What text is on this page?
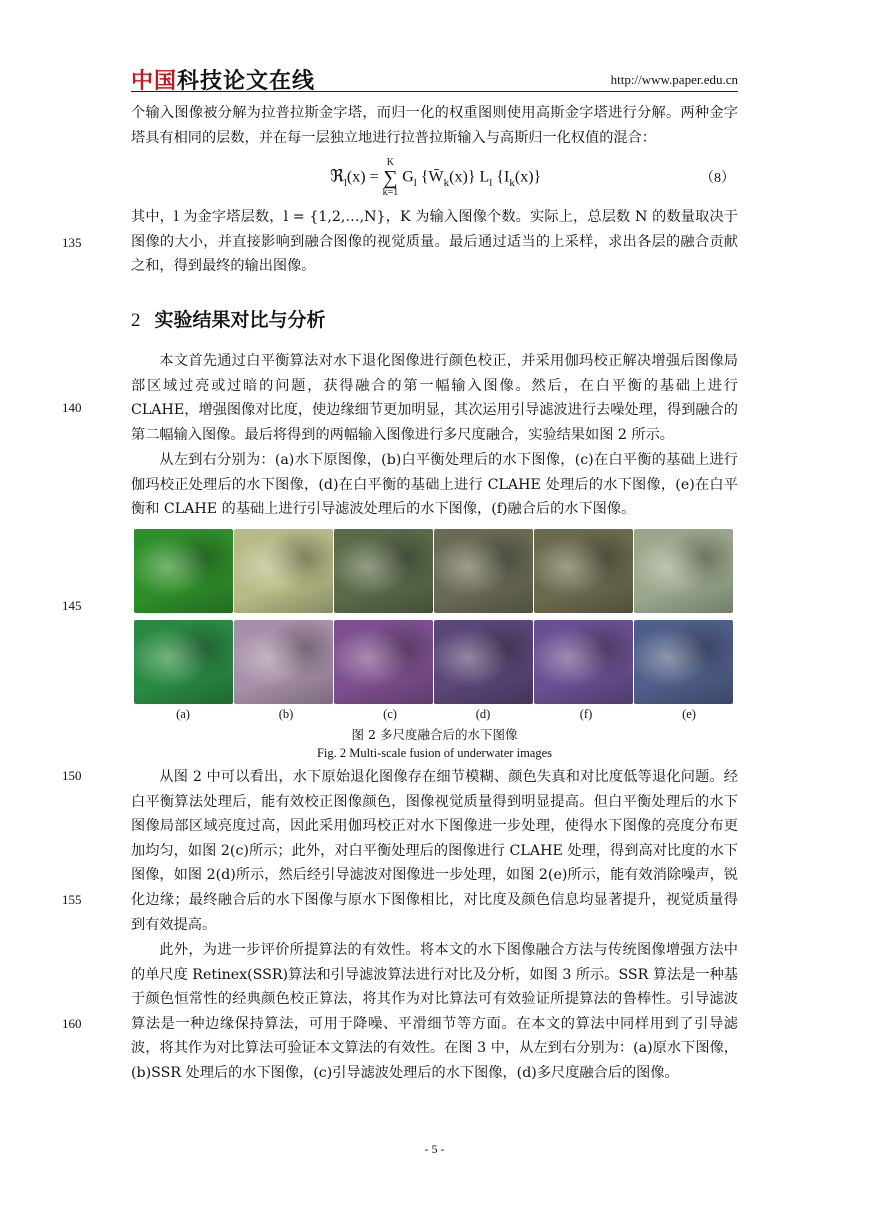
中国科技论文在线	http://www.paper.edu.cn
个输入图像被分解为拉普拉斯金字塔，而归一化的权重图则使用高斯金字塔进行分解。两种金字塔具有相同的层数，并在每一层独立地进行拉普拉斯输入与高斯归一化权值的混合：
ℜ$_l$(x) =
K
∑
k=1
$G_l$ $\{W̄_k(x)\}$ $L_l$ $\{I_k(x)\}$	（8）
其中，l 为金字塔层数，l = {1,2,…,N}，K 为输入图像个数。实际上，总层数 N 的数量取决于图像的大小，并直接影响到融合图像的视觉质量。最后通过适当的上采样，求出各层的融合贡献之和，得到最终的输出图像。
2 实验结果对比与分析
本文首先通过白平衡算法对水下退化图像进行颜色校正，并采用伽玛校正解决增强后图像局部区域过亮或过暗的问题，获得融合的第一幅输入图像。然后，在白平衡的基础上进行 CLAHE，增强图像对比度，使边缘细节更加明显，其次运用引导滤波进行去噪处理，得到融合的第二幅输入图像。最后将得到的两幅输入图像进行多尺度融合，实验结果如图 2 所示。
从左到右分别为：(a)水下原图像，(b)白平衡处理后的水下图像，(c)在白平衡的基础上进行伽玛校正处理后的水下图像，(d)在白平衡的基础上进行 CLAHE 处理后的水下图像，(e)在白平衡和 CLAHE 的基础上进行引导滤波处理后的水下图像，(f)融合后的水下图像。
(a)	(b)	(c)	(d)	(f)	(e)
图 2 多尺度融合后的水下图像
Fig. 2 Multi-scale fusion of underwater images
从图 2 中可以看出，水下原始退化图像存在细节模糊、颜色失真和对比度低等退化问题。经白平衡算法处理后，能有效校正图像颜色，图像视觉质量得到明显提高。但白平衡处理后的水下图像局部区域亮度过高，因此采用伽玛校正对水下图像进一步处理，使得水下图像的亮度分布更加均匀，如图 2(c)所示；此外，对白平衡处理后的图像进行 CLAHE 处理，得到高对比度的水下图像，如图 2(d)所示，然后经引导滤波对图像进一步处理，如图 2(e)所示，能有效消除噪声，锐化边缘；最终融合后的水下图像与原水下图像相比，对比度及颜色信息均显著提升，视觉质量得到有效提高。
此外，为进一步评价所提算法的有效性。将本文的水下图像融合方法与传统图像增强方法中的单尺度 Retinex(SSR)算法和引导滤波算法进行对比及分析，如图 3 所示。SSR 算法是一种基于颜色恒常性的经典颜色校正算法，将其作为对比算法可有效验证所提算法的鲁棒性。引导滤波算法是一种边缘保持算法，可用于降噪、平滑细节等方面。在本文的算法中同样用到了引导滤波，将其作为对比算法可验证本文算法的有效性。在图 3 中，从左到右分别为：(a)原水下图像，(b)SSR 处理后的水下图像，(c)引导滤波处理后的水下图像，(d)多尺度融合后的图像。
135
140
145
150
155
160
- 5 -
